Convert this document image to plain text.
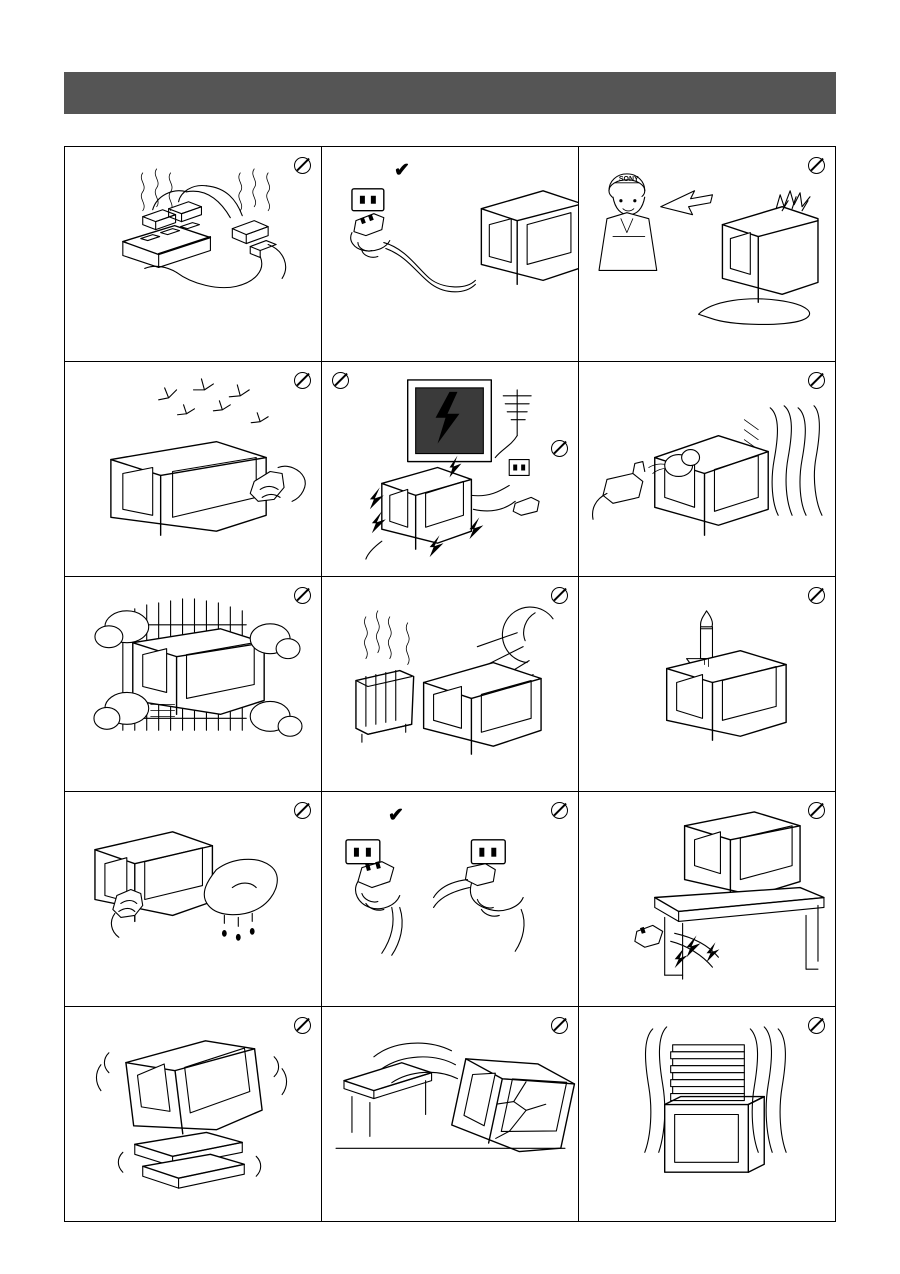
✔	SONY
✔
